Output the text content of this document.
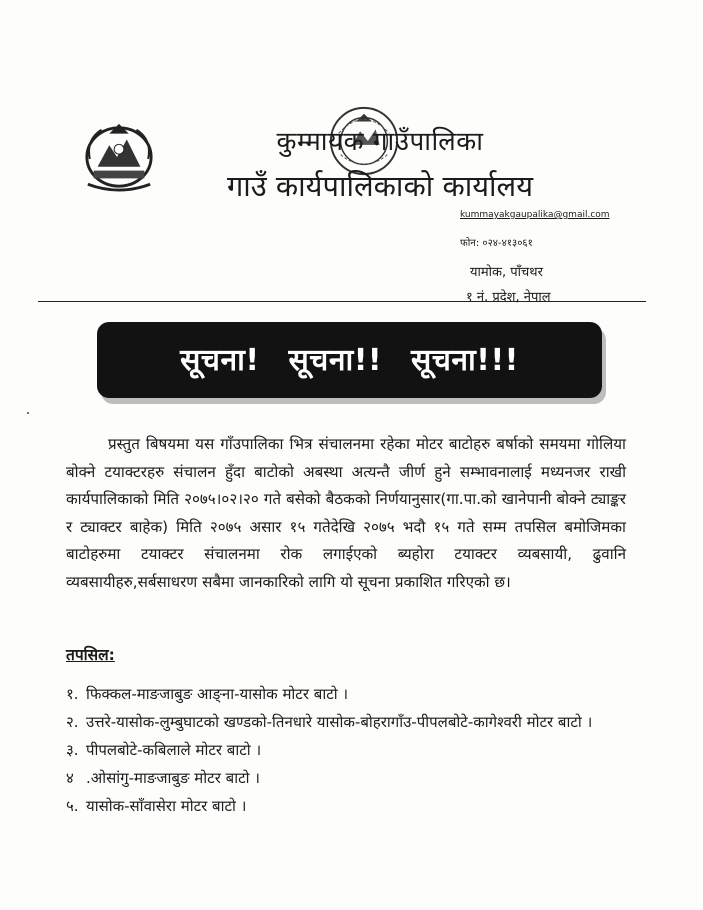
कुम्मायक गाउँपालिका
गाउँ कार्यपालिकाको कार्यालय
kummayakgaupalika@gmail.com
फोन: ०२४-४१३०६१
यामोक, पाँचथर
१ नं. प्रदेश, नेपाल
सूचना! सूचना!! सूचना!!!

प्रस्तुत बिषयमा यस गाँउपालिका भित्र संचालनमा रहेका मोटर बाटोहरु बर्षाको समयमा गोलिया बोक्ने टयाक्टरहरु संचालन हुँदा बाटोको अबस्था अत्यन्तै जीर्ण हुने सम्भावनालाई मध्यनजर राखी कार्यपालिकाको मिति २०७५।०२।२० गते बसेको बैठकको निर्णयानुसार(गा.पा.को खानेपानी बोक्ने ट्याङ्कर र ट्याक्टर बाहेक) मिति २०७५ असार १५ गतेदेखि २०७५ भदौ १५ गते सम्म तपसिल बमोजिमका बाटोहरुमा टयाक्टर संचालनमा रोक लगाईएको ब्यहोरा टयाक्टर व्यबसायी, ढुवानि व्यबसायीहरु,सर्बसाधरण सबैमा जानकारिको लागि यो सूचना प्रकाशित गरिएको छ।

तपसिल:
१. फिक्कल-माङजाबुङ आङ्ना-यासोक मोटर बाटो ।
२. उत्तरे-यासोक-लुम्बुघाटको खण्डको-तिनधारे यासोक-बोहरागाँउ-पीपलबोटे-कागेश्वरी मोटर बाटो ।
३. पीपलबोटे-कबिलाले मोटर बाटो ।
४ .ओसांगु-माङजाबुङ मोटर बाटो ।
५. यासोक-साँवासेरा मोटर बाटो ।
